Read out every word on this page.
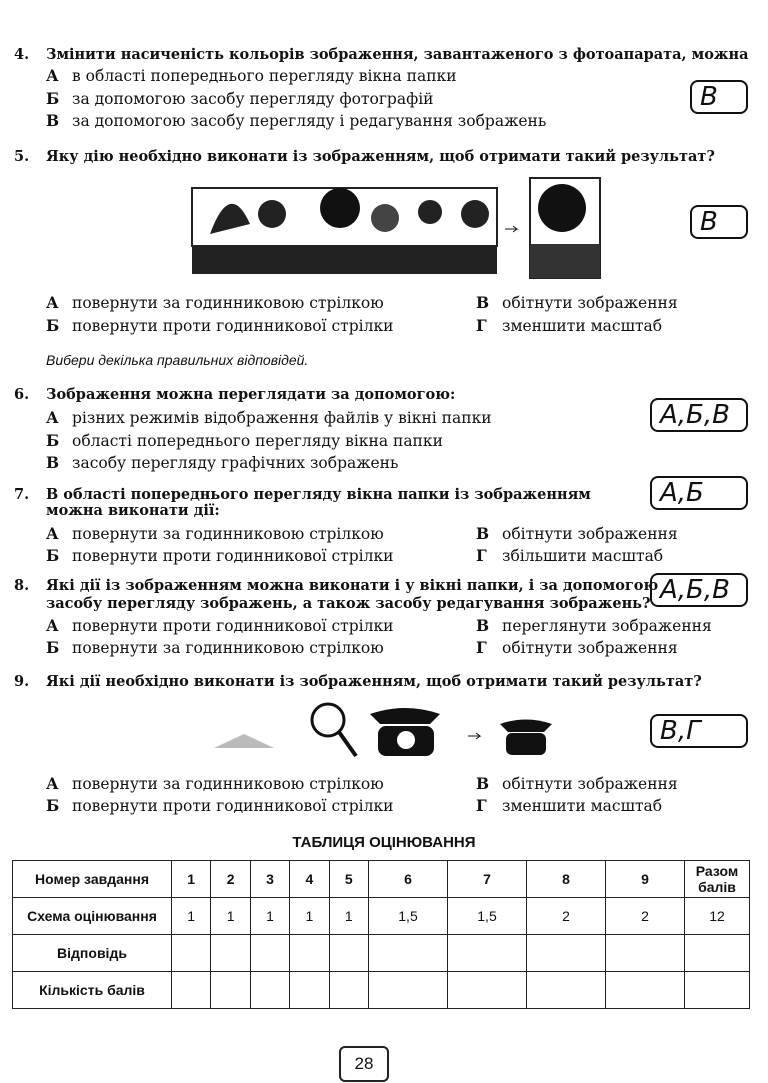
4. Змінити насиченість кольорів зображення, завантаженого з фотоапарата, можна
А в області попереднього перегляду вікна папки
Б за допомогою засобу перегляду фотографій
В за допомогою засобу перегляду і редагування зображень
В
5. Яку дію необхідно виконати із зображенням, щоб отримати такий результат?
В
А повернути за годинниковою стрілкою	В обітнути зображення
Б повернути проти годинникової стрілки	Г зменшити масштаб
Вибери декілька правильних відповідей.
6. Зображення можна переглядати за допомогою:
А різних режимів відображення файлів у вікні папки
Б області попереднього перегляду вікна папки
В засобу перегляду графічних зображень
А,Б,В
7. В області попереднього перегляду вікна папки із зображенням
можна виконати дії:
А,Б
А повернути за годинниковою стрілкою	В обітнути зображення
Б повернути проти годинникової стрілки	Г збільшити масштаб
8. Які дії із зображенням можна виконати і у вікні папки, і за допомогою
засобу перегляду зображень, а також засобу редагування зображень? А,Б,В
А повернути проти годинникової стрілки	В переглянути зображення
Б повернути за годинниковою стрілкою	Г обітнути зображення
9. Які дії необхідно виконати із зображенням, щоб отримати такий результат?
В,Г
А повернути за годинниковою стрілкою	В обітнути зображення
Б повернути проти годинникової стрілки	Г зменшити масштаб
ТАБЛИЦЯ ОЦІНЮВАННЯ
Номер завдання	1	2	3	4	5	6	7	8	9	Разом балів
Схема оцінювання	1	1	1	1	1	1,5	1,5	2	2	12
Відповідь										
Кількість балів										
28
